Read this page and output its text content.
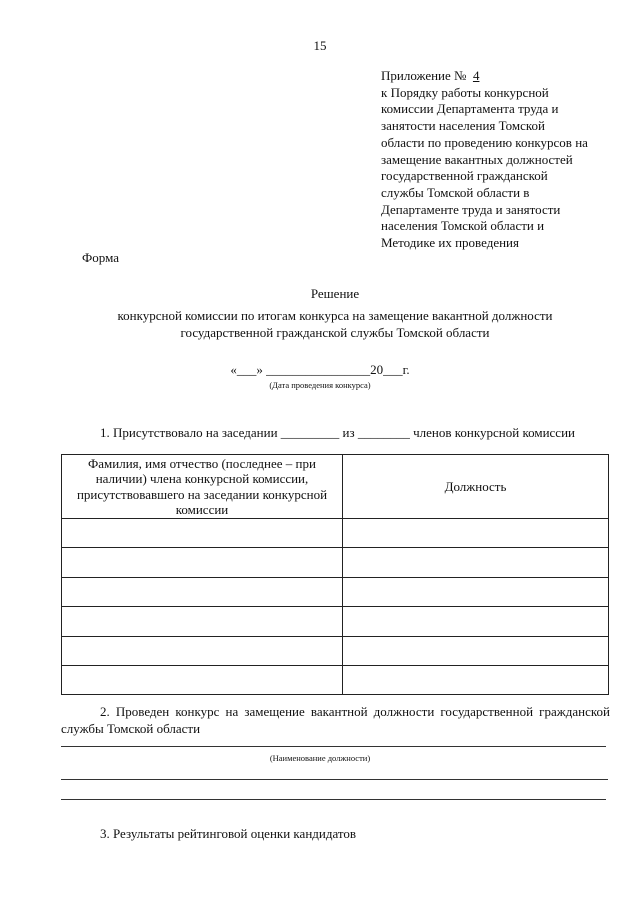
15
Приложение № 4
к Порядку работы конкурсной
комиссии Департамента труда и
занятости населения Томской
области по проведению конкурсов на
замещение вакантных должностей
государственной гражданской
службы Томской области в
Департаменте труда и занятости
населения Томской области и
Методике их проведения
Форма
Решение
конкурсной комиссии по итогам конкурса на замещение вакантной должности
государственной гражданской службы Томской области
«___» ________________20___г.
(Дата проведения конкурса)
1. Присутствовало на заседании _________ из ________ членов конкурсной комиссии
Фамилия, имя отчество (последнее – при наличии) члена конкурсной комиссии, присутствовавшего на заседании конкурсной комиссии	Должность

2. Проведен конкурс на замещение вакантной должности государственной гражданской службы Томской области
(Наименование должности)
3. Результаты рейтинговой оценки кандидатов
